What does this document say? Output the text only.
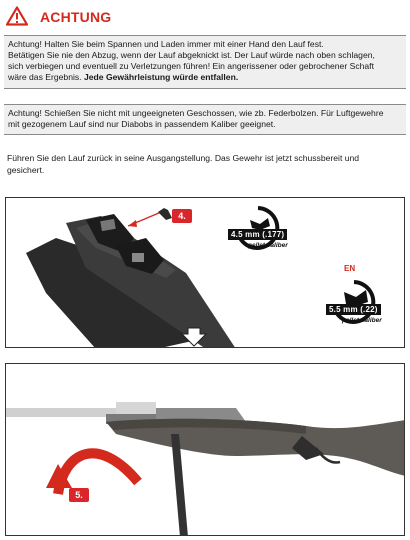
ACHTUNG

Achtung! Halten Sie beim Spannen und Laden immer mit einer Hand den Lauf fest.

Betätigen Sie nie den Abzug, wenn der Lauf abgeknickt ist. Der Lauf würde nach oben schlagen,

sich verbiegen und eventuell zu Verletzungen führen! Ein angerissener oder gebrochener Schaft

wäre das Ergebnis. Jede Gewährleistung würde entfallen.

Achtung! Schießen Sie nicht mit ungeeigneten Geschossen, wie zb. Federbolzen. Für Luftgewehre

mit gezogenem Lauf sind nur Diabobs in passendem Kaliber geeignet.

Führen Sie den Lauf zurück in seine Ausgangstellung. Das Gewehr ist jetzt schussbereit und

gesichert.

4.
4.5 mm (.177)
pellet caliber
EN
5.5 mm (.22)
pellet caliber
5.
